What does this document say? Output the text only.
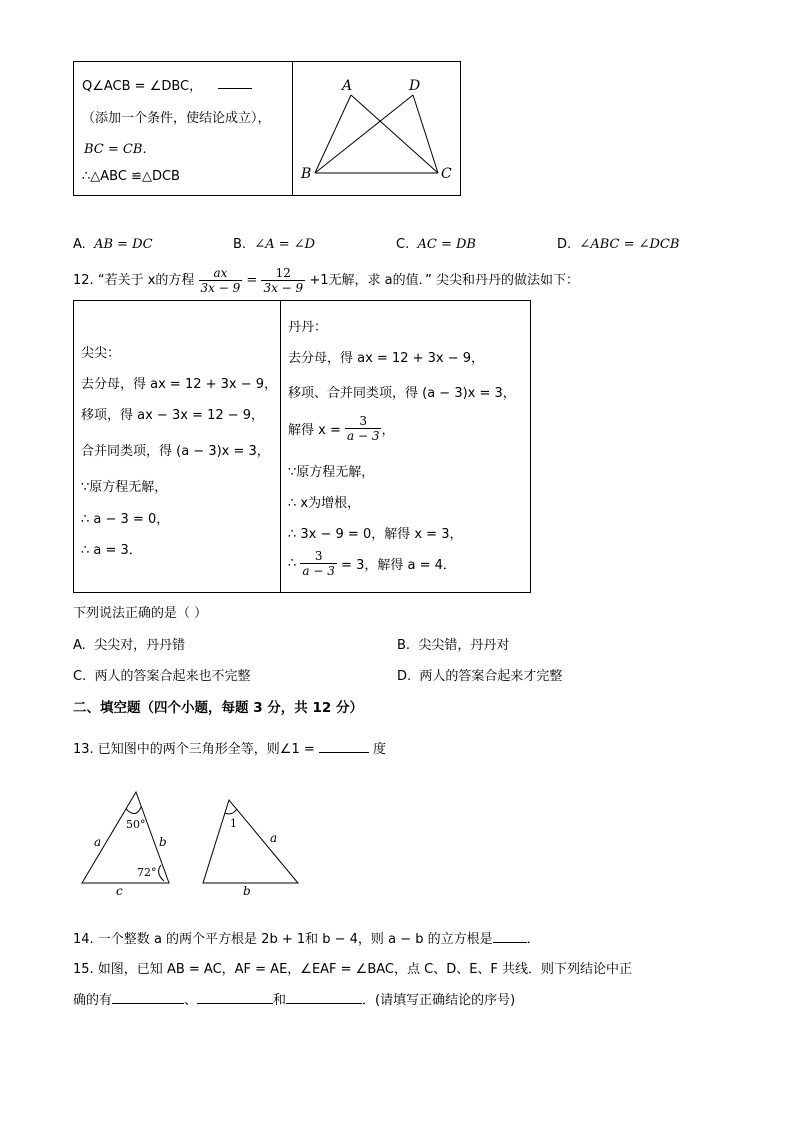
Q∠ACB = ∠DBC，
（添加一个条件，使结论成立），
BC = CB．
∴△ABC ≌△DCB
A	D
B	C
A. AB = DC	B. ∠A = ∠D	C. AC = DB	D. ∠ABC = ∠DCB
12. “若关于 x的方程 $\frac{ax}{3x - 9} = \frac{12}{3x - 9} +1$无解，求 a的值．” 尖尖和丹丹的做法如下：
尖尖：
去分母，得 ax = 12 + 3x − 9，
移项，得 ax − 3x = 12 − 9，
合并同类项，得 (a − 3)x = 3，
∵原方程无解，
∴ a − 3 = 0，
∴ a = 3．
丹丹：
去分母，得 ax = 12 + 3x − 9，
移项、合并同类项，得 (a − 3)x = 3，
解得 $x = \frac{3}{a - 3}$ ，
∵原方程无解，
∴ x为增根，
∴ 3x − 9 = 0，解得 x = 3，
∴ $\frac{3}{a - 3} = 3$，解得 a = 4．
下列说法正确的是（ ）
A. 尖尖对，丹丹错	B. 尖尖错，丹丹对
C. 两人的答案合起来也不完整	D. 两人的答案合起来才完整
二、填空题（四个小题，每题 3 分，共 12 分）
13. 已知图中的两个三角形全等，则∠1 =	度
50°
72°
a	b
c
1
a
b
14. 一个整数 a 的两个平方根是 2b + 1和 b − 4，则 a − b 的立方根是	．
15. 如图，已知 AB = AC，AF = AE，∠EAF = ∠BAC，点 C、D、E、F 共线．则下列结论中正
确的有	、	和	．(请填写正确结论的序号)
